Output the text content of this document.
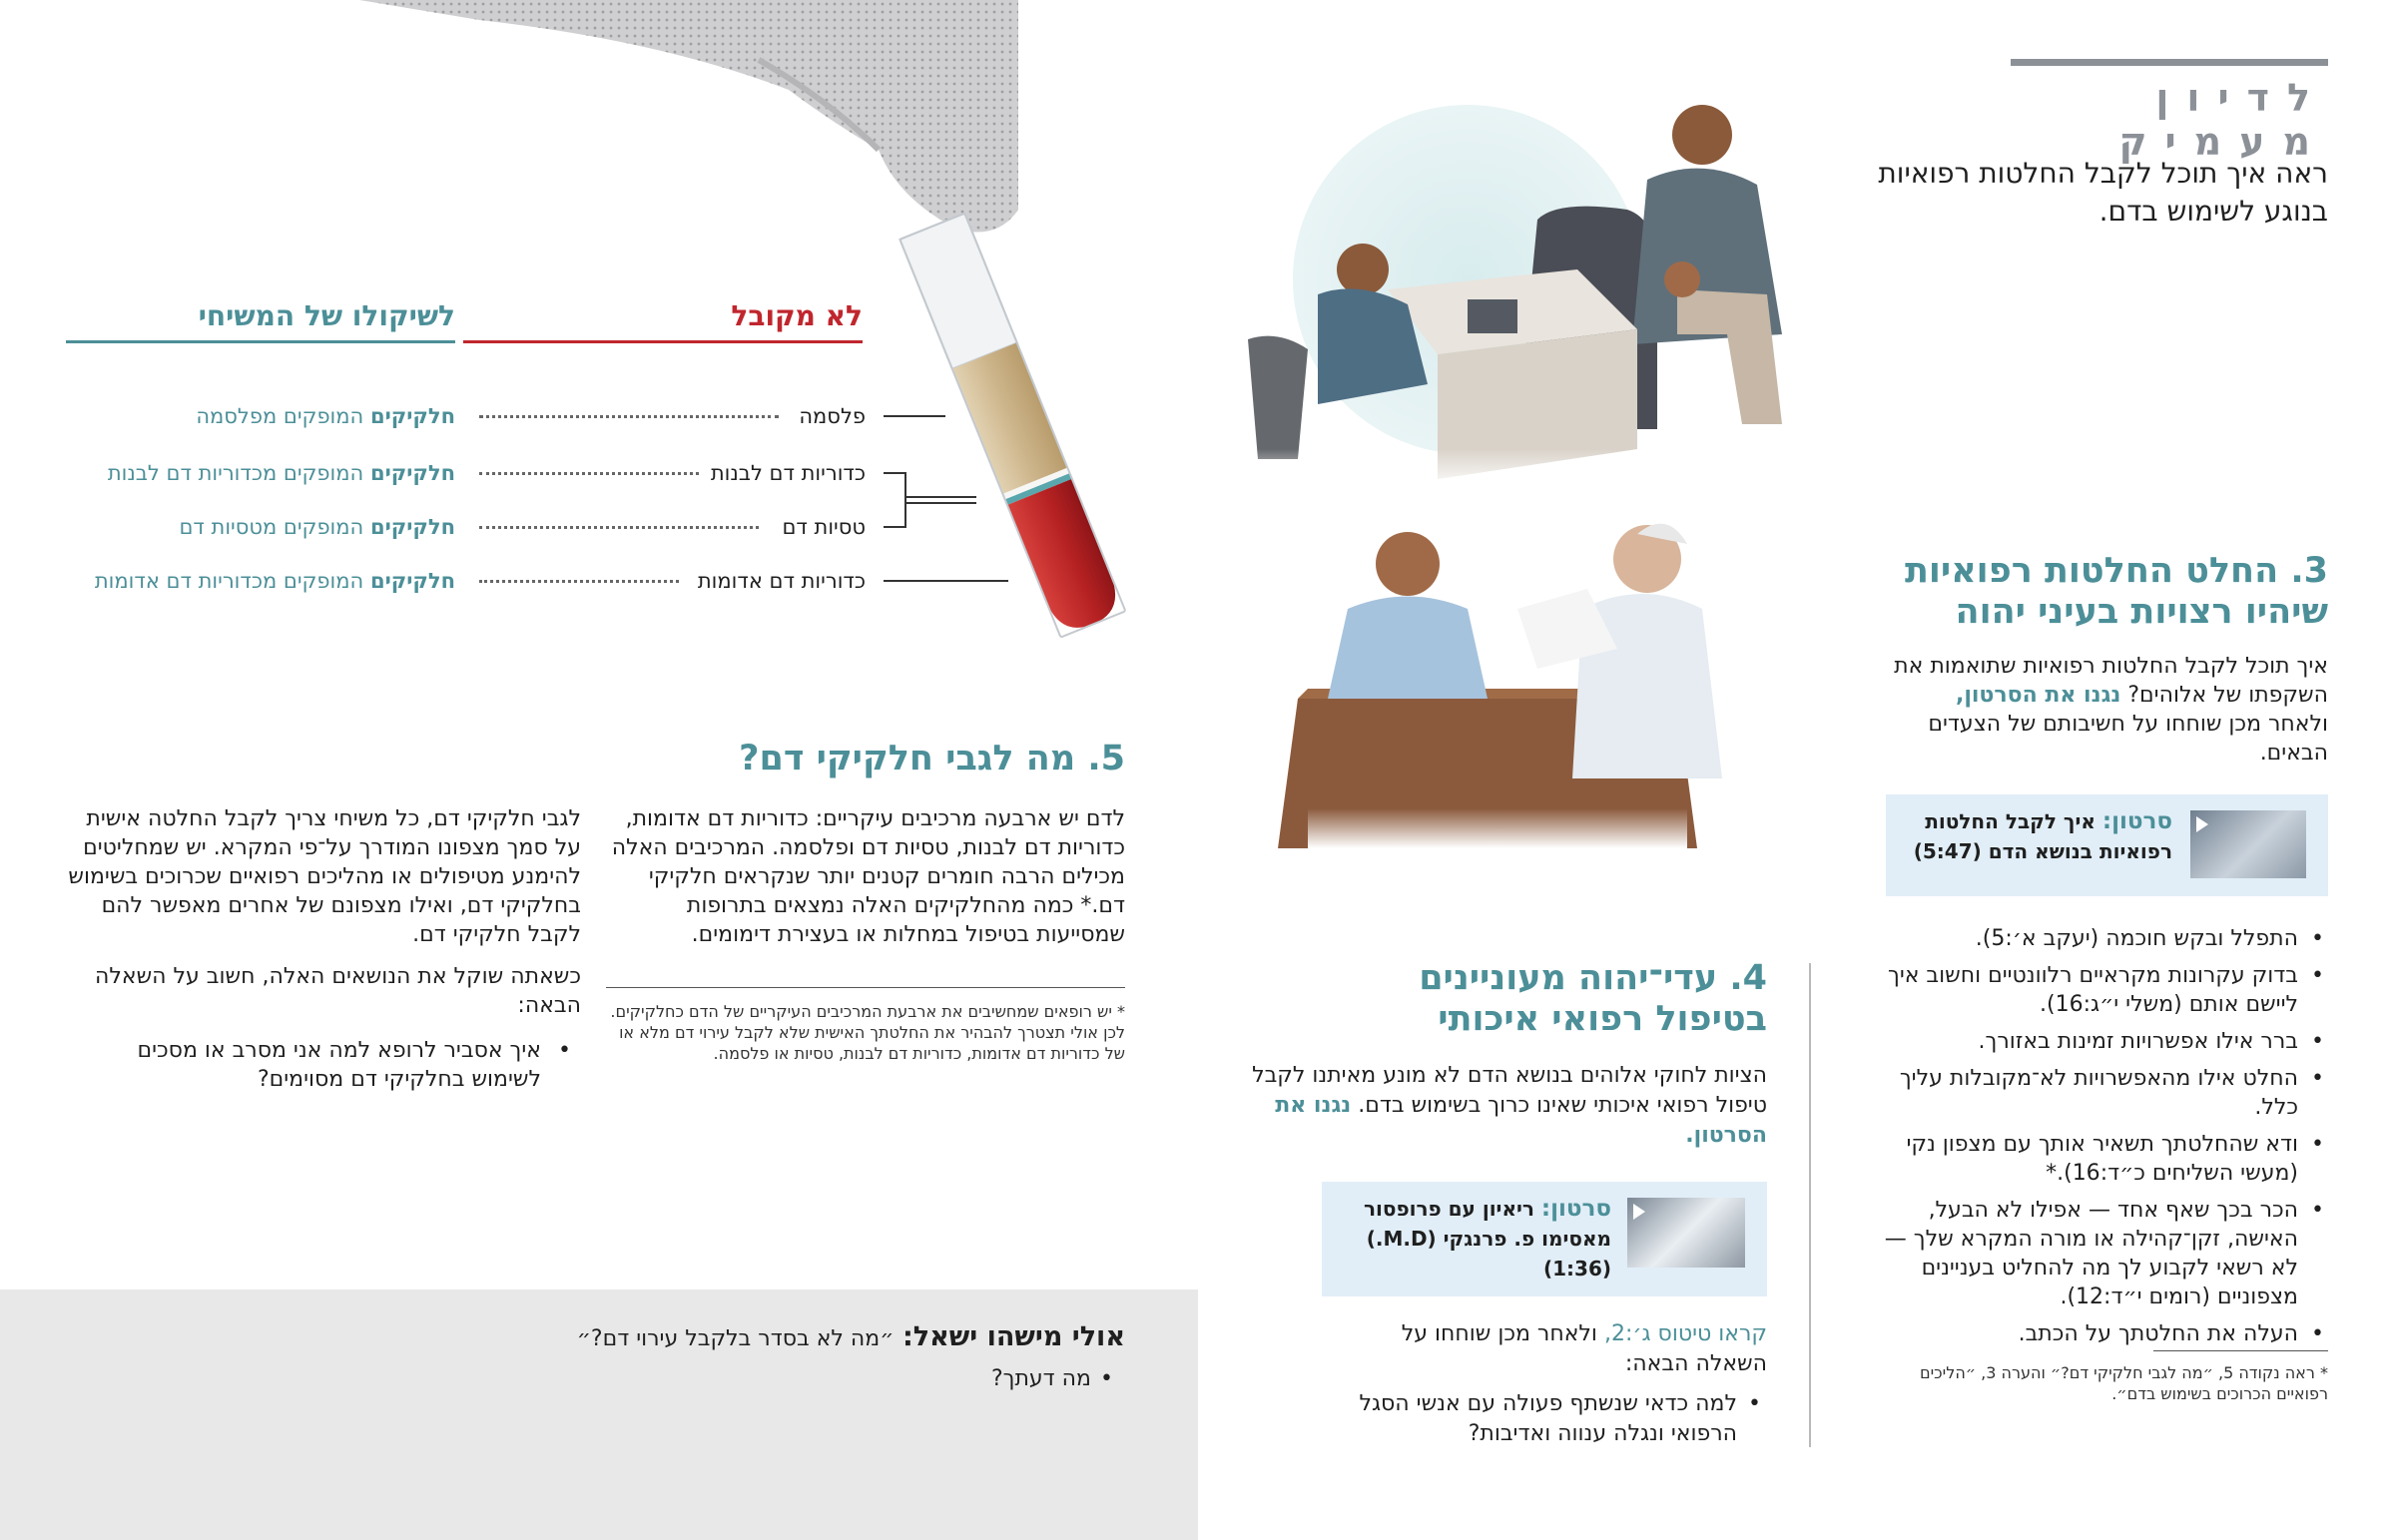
לדיון מעמיק
ראה איך תוכל לקבל החלטות רפואיות בנוגע לשימוש בדם.
3. החלט החלטות רפואיות שיהיו רצויות בעיני יהוה
איך תוכל לקבל החלטות רפואיות שתואמות את השקפתו של אלוהים? נגנו את הסרטון, ולאחר מכן שוחחו על חשיבותם של הצעדים הבאים.
סרטון: איך לקבל החלטות רפואיות בנושא הדם (5:47)
• התפלל ובקש חוכמה (יעקב א׳:5).
• בדוק עקרונות מקראיים רלוונטיים וחשוב איך ליישם אותם (משלי י״ג:16).
• ברר אילו אפשרויות זמינות באזורך.
• החלט אילו מהאפשרויות לא־מקובלות עליך כלל.
• ודא שהחלטתך תשאיר אותך עם מצפון נקי (מעשי השליחים כ״ד:16).*
• הכר בכך שאף אחד — אפילו לא הבעל, האישה, זקן־קהילה או מורה המקרא שלך — לא רשאי לקבוע לך מה להחליט בעניינים מצפוניים (רומים י״ד:12).
• העלה את החלטתך על הכתב.
* ראה נקודה 5, ״מה לגבי חלקיקי דם?״ והערה 3, ״הליכים רפואיים הכרוכים בשימוש בדם״.
4. עדי־יהוה מעוניינים בטיפול רפואי איכותי
הציות לחוקי אלוהים בנושא הדם לא מונע מאיתנו לקבל טיפול רפואי איכותי שאינו כרוך בשימוש בדם. נגנו את הסרטון.
סרטון: ריאיון עם פרופסור מאסימו פ. פרנגקי (M.D.)
(1:36)
קראו טיטוס ג׳:2, ולאחר מכן שוחחו על השאלה הבאה:
• למה כדאי שנשתף פעולה עם אנשי הסגל הרפואי ונגלה ענווה ואדיבות?
לא מקובל
לשיקולו של המשיחי
פלסמה
חלקיקים המופקים מפלסמה
כדוריות דם לבנות
חלקיקים המופקים מכדוריות דם לבנות
טסיות דם
חלקיקים המופקים מטסיות דם
כדוריות דם אדומות
חלקיקים המופקים מכדוריות דם אדומות
5. מה לגבי חלקיקי דם?
לדם יש ארבעה מרכיבים עיקריים: כדוריות דם אדומות, כדוריות דם לבנות, טסיות דם ופלסמה. המרכיבים האלה מכילים הרבה חומרים קטנים יותר שנקראים חלקיקי דם.* כמה מהחלקיקים האלה נמצאים בתרופות שמסייעות בטיפול במחלות או בעצירת דימומים.
* יש רופאים שמחשיבים את ארבעת המרכיבים העיקריים של הדם כחלקיקים. לכן אולי תצטרך להבהיר את החלטתך האישית שלא לקבל עירוי דם מלא או של כדוריות דם אדומות, כדוריות דם לבנות, טסיות או פלסמה.
לגבי חלקיקי דם, כל משיחי צריך לקבל החלטה אישית על סמך מצפונו המודרך על־פי המקרא. יש שמחליטים להימנע מטיפולים או מהליכים רפואיים שכרוכים בשימוש בחלקיקי דם, ואילו מצפונם של אחרים מאפשר להם לקבל חלקיקי דם.
כשאתה שוקל את הנושאים האלה, חשוב על השאלה הבאה:
• איך אסביר לרופא למה אני מסרב או מסכים לשימוש בחלקיקי דם מסוימים?
אולי מישהו ישאל: ״מה לא בסדר בלקבל עירוי דם?״
• מה דעתך?
